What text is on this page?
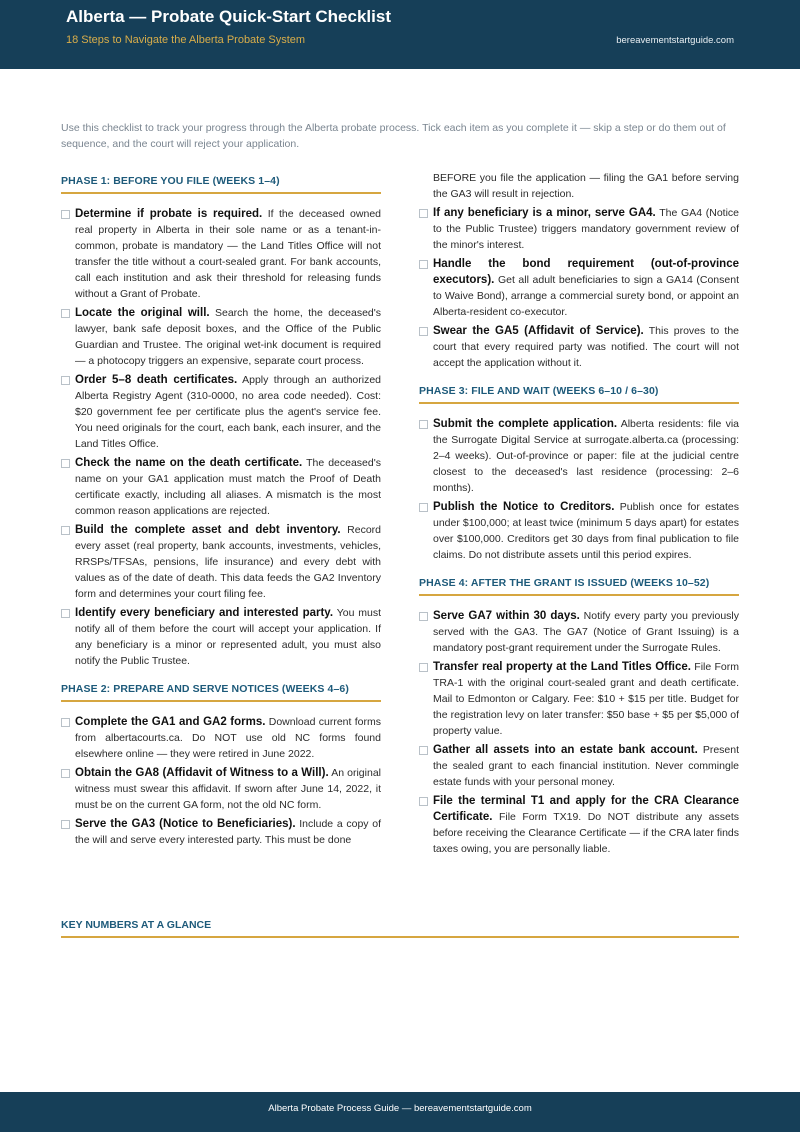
Alberta — Probate Quick-Start Checklist
18 Steps to Navigate the Alberta Probate System	bereavementstartguide.com
Use this checklist to track your progress through the Alberta probate process. Tick each item as you complete it — skip a step or do them out of sequence, and the court will reject your application.
PHASE 1: BEFORE YOU FILE (WEEKS 1–4)
Determine if probate is required. If the deceased owned real property in Alberta in their sole name or as a tenant-in-common, probate is mandatory — the Land Titles Office will not transfer the title without a court-sealed grant. For bank accounts, call each institution and ask their threshold for releasing funds without a Grant of Probate.
Locate the original will. Search the home, the deceased's lawyer, bank safe deposit boxes, and the Office of the Public Guardian and Trustee. The original wet-ink document is required — a photocopy triggers an expensive, separate court process.
Order 5–8 death certificates. Apply through an authorized Alberta Registry Agent (310-0000, no area code needed). Cost: $20 government fee per certificate plus the agent's service fee. You need originals for the court, each bank, each insurer, and the Land Titles Office.
Check the name on the death certificate. The deceased's name on your GA1 application must match the Proof of Death certificate exactly, including all aliases. A mismatch is the most common reason applications are rejected.
Build the complete asset and debt inventory. Record every asset (real property, bank accounts, investments, vehicles, RRSPs/TFSAs, pensions, life insurance) and every debt with values as of the date of death. This data feeds the GA2 Inventory form and determines your court filing fee.
Identify every beneficiary and interested party. You must notify all of them before the court will accept your application. If any beneficiary is a minor or represented adult, you must also notify the Public Trustee.
PHASE 2: PREPARE AND SERVE NOTICES (WEEKS 4–6)
Complete the GA1 and GA2 forms. Download current forms from albertacourts.ca. Do NOT use old NC forms found elsewhere online — they were retired in June 2022.
Obtain the GA8 (Affidavit of Witness to a Will). An original witness must swear this affidavit. If sworn after June 14, 2022, it must be on the current GA form, not the old NC form.
Serve the GA3 (Notice to Beneficiaries). Include a copy of the will and serve every interested party. This must be done
BEFORE you file the application — filing the GA1 before serving the GA3 will result in rejection.
If any beneficiary is a minor, serve GA4. The GA4 (Notice to the Public Trustee) triggers mandatory government review of the minor's interest.
Handle the bond requirement (out-of-province executors). Get all adult beneficiaries to sign a GA14 (Consent to Waive Bond), arrange a commercial surety bond, or appoint an Alberta-resident co-executor.
Swear the GA5 (Affidavit of Service). This proves to the court that every required party was notified. The court will not accept the application without it.
PHASE 3: FILE AND WAIT (WEEKS 6–10 / 6–30)
Submit the complete application. Alberta residents: file via the Surrogate Digital Service at surrogate.alberta.ca (processing: 2–4 weeks). Out-of-province or paper: file at the judicial centre closest to the deceased's last residence (processing: 2–6 months).
Publish the Notice to Creditors. Publish once for estates under $100,000; at least twice (minimum 5 days apart) for estates over $100,000. Creditors get 30 days from final publication to file claims. Do not distribute assets until this period expires.
PHASE 4: AFTER THE GRANT IS ISSUED (WEEKS 10–52)
Serve GA7 within 30 days. Notify every party you previously served with the GA3. The GA7 (Notice of Grant Issuing) is a mandatory post-grant requirement under the Surrogate Rules.
Transfer real property at the Land Titles Office. File Form TRA-1 with the original court-sealed grant and death certificate. Mail to Edmonton or Calgary. Fee: $10 + $15 per title. Budget for the registration levy on later transfer: $50 base + $5 per $5,000 of property value.
Gather all assets into an estate bank account. Present the sealed grant to each financial institution. Never commingle estate funds with your personal money.
File the terminal T1 and apply for the CRA Clearance Certificate. File Form TX19. Do NOT distribute any assets before receiving the Clearance Certificate — if the CRA later finds taxes owing, you are personally liable.
KEY NUMBERS AT A GLANCE
Alberta Probate Process Guide — bereavementstartguide.com
